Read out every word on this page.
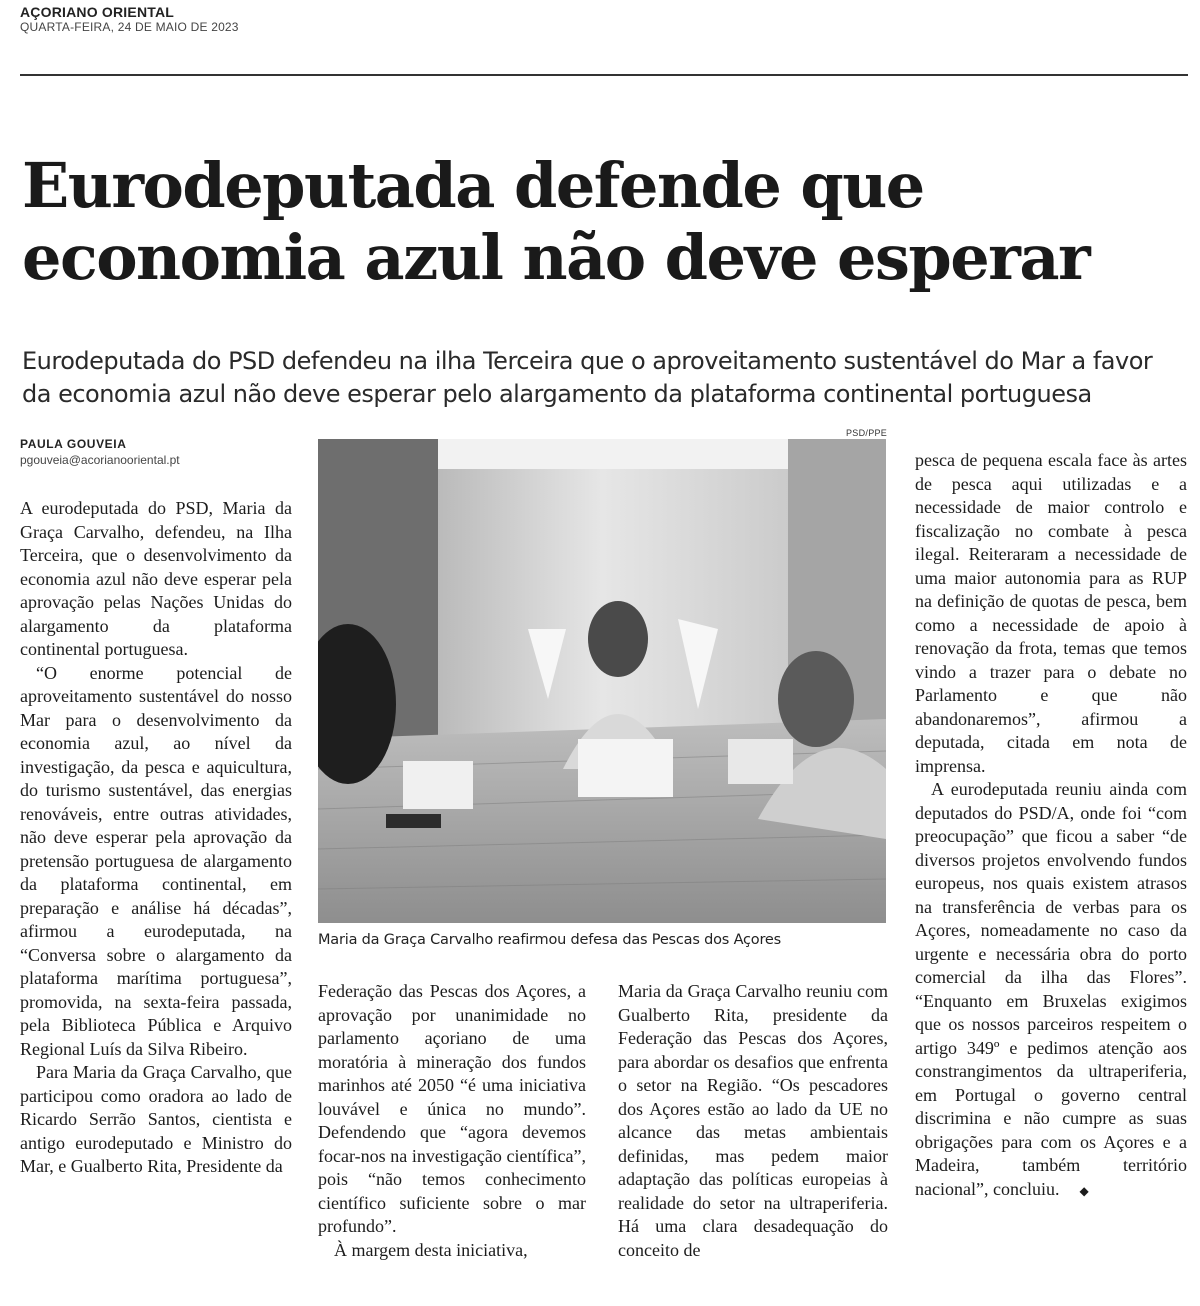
AÇORIANO ORIENTAL
QUARTA-FEIRA, 24 DE MAIO DE 2023
Eurodeputada defende que
economia azul não deve esperar
Eurodeputada do PSD defendeu na ilha Terceira que o aproveitamento sustentável do Mar a favor
da economia azul não deve esperar pelo alargamento da plataforma continental portuguesa
PAULA GOUVEIA
pgouveia@acorianooriental.pt

A eurodeputada do PSD, Maria da Graça Carvalho, defendeu, na Ilha Terceira, que o desenvolvimento da economia azul não deve esperar pela aprovação pelas Nações Unidas do alargamento da plataforma continental portuguesa.

“O enorme potencial de aproveitamento sustentável do nosso Mar para o desenvolvimento da economia azul, ao nível da investigação, da pesca e aquicultura, do turismo sustentável, das energias renováveis, entre outras atividades, não deve esperar pela aprovação da pretensão portuguesa de alargamento da plataforma continental, em preparação e análise há décadas”, afirmou a eurodeputada, na “Conversa sobre o alargamento da plataforma marítima portuguesa”, promovida, na sexta-feira passada, pela Biblioteca Pública e Arquivo Regional Luís da Silva Ribeiro.

Para Maria da Graça Carvalho, que participou como oradora ao lado de Ricardo Serrão Santos, cientista e antigo eurodeputado e Ministro do Mar, e Gualberto Rita, Presidente da

PSD/PPE
Maria da Graça Carvalho reafirmou defesa das Pescas dos Açores

Federação das Pescas dos Açores, a aprovação por unanimidade no parlamento açoriano de uma moratória à mineração dos fundos marinhos até 2050 “é uma iniciativa louvável e única no mundo”. Defendendo que “agora devemos focar-nos na investigação científica”, pois “não temos conhecimento científico suficiente sobre o mar profundo”.

À margem desta iniciativa,

Maria da Graça Carvalho reuniu com Gualberto Rita, presidente da Federação das Pescas dos Açores, para abordar os desafios que enfrenta o setor na Região. “Os pescadores dos Açores estão ao lado da UE no alcance das metas ambientais definidas, mas pedem maior adaptação das políticas europeias à realidade do setor na ultraperiferia. Há uma clara desadequação do conceito de

pesca de pequena escala face às artes de pesca aqui utilizadas e a necessidade de maior controlo e fiscalização no combate à pesca ilegal. Reiteraram a necessidade de uma maior autonomia para as RUP na definição de quotas de pesca, bem como a necessidade de apoio à renovação da frota, temas que temos vindo a trazer para o debate no Parlamento e que não abandonaremos”, afirmou a deputada, citada em nota de imprensa.

A eurodeputada reuniu ainda com deputados do PSD/A, onde foi “com preocupação” que ficou a saber “de diversos projetos envolvendo fundos europeus, nos quais existem atrasos na transferência de verbas para os Açores, nomeadamente no caso da urgente e necessária obra do porto comercial da ilha das Flores”. “Enquanto em Bruxelas exigimos que os nossos parceiros respeitem o artigo 349º e pedimos atenção aos constrangimentos da ultraperiferia, em Portugal o governo central discrimina e não cumpre as suas obrigações para com os Açores e a Madeira, também território nacional”, concluiu. ◆
